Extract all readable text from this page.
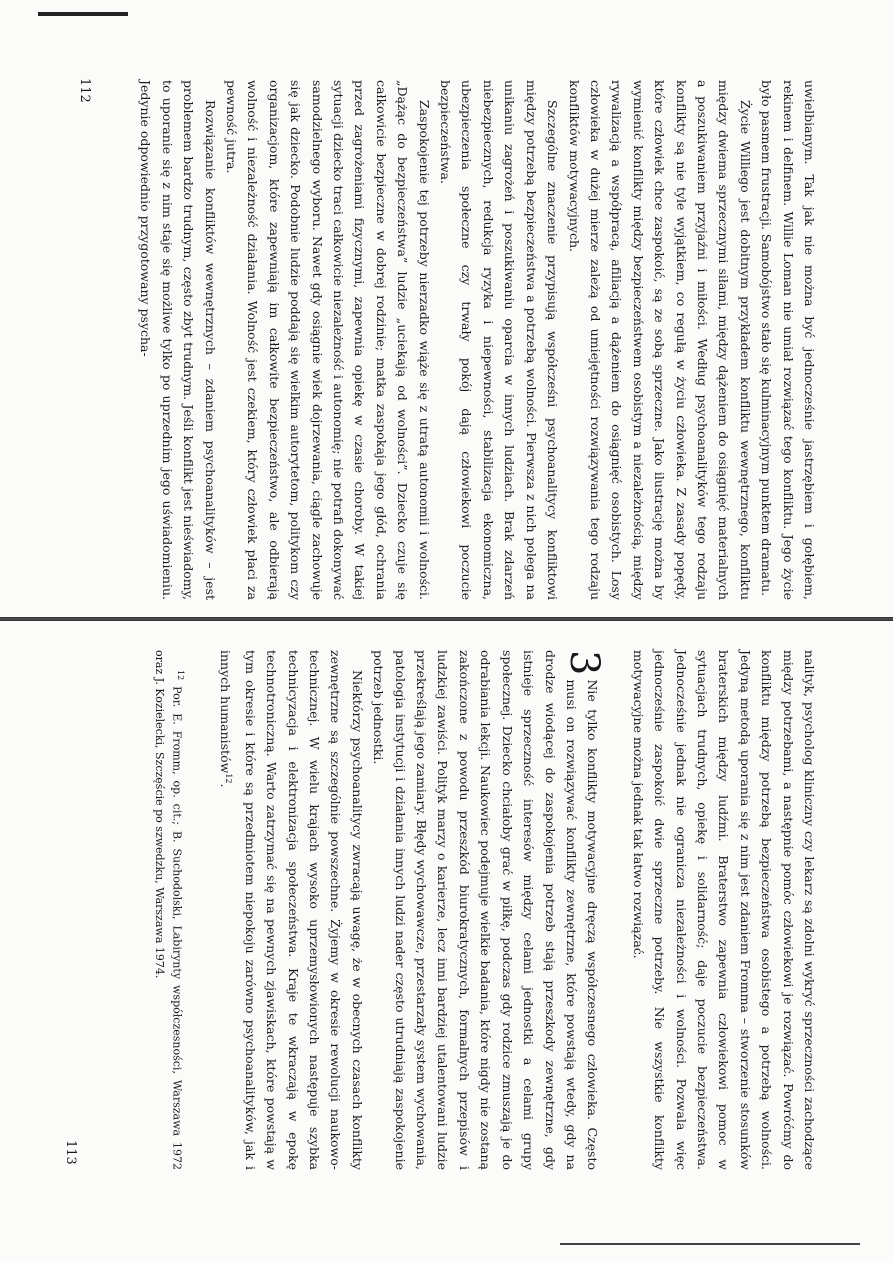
uwielbianym. Tak jak nie można być jednocześnie jastrzębiem i gołębiem, rekinem i delfinem. Willie Loman nie umiał rozwiązać tego konfliktu. Jego życie było pasmem frustracji. Samobójstwo stało się kulminacyjnym punktem dramatu.

Życie Williego jest dobitnym przykładem konfliktu wewnętrznego, konfliktu między dwiema sprzecznymi siłami, między dążeniem do osiągnięć materialnych a poszukiwaniem przyjaźni i miłości. Według psychoanalityków tego rodzaju konflikty są nie tyle wyjątkiem, co regułą w życiu człowieka. Z zasady popędy, które człowiek chce zaspokoić, są ze sobą sprzeczne. Jako ilustrację można by wymienić konflikty między bezpieczeństwem osobistym a niezależnością, między rywalizacją a współpracą, afiliacją a dążeniem do osiągnięć osobistych. Losy człowieka w dużej mierze zależą od umiejętności rozwiązywania tego rodzaju konfliktów motywacyjnych.

Szczególne znaczenie przypisują współcześni psychoanalitycy konfliktowi między potrzebą bezpieczeństwa a potrzebą wolności. Pierwsza z nich polega na unikaniu zagrożeń i poszukiwaniu oparcia w innych ludziach. Brak zdarzeń niebezpiecznych, redukcja ryzyka i niepewności, stabilizacja ekonomiczna, ubezpieczenia społeczne czy trwały pokój dają człowiekowi poczucie bezpieczeństwa.

Zaspokojenie tej potrzeby nierzadko wiąże się z utratą autonomii i wolności. „Dążąc do bezpieczeństwa” ludzie „uciekają od wolności”. Dziecko czuje się całkowicie bezpieczne w dobrej rodzinie; matka zaspokaja jego głód, ochrania przed zagrożeniami fizycznymi, zapewnia opiekę w czasie choroby. W takiej sytuacji dziecko traci całkowicie niezależność i autonomię; nie potrafi dokonywać samodzielnego wyboru. Nawet gdy osiągnie wiek dojrzewania, ciągle zachowuje się jak dziecko. Podobnie ludzie poddają się wielkim autorytetom, politykom czy organizacjom, które zapewniają im całkowite bezpieczeństwo, ale odbierają wolność i niezależność działania. Wolność jest czekiem, który człowiek płaci za pewność jutra.

Rozwiązanie konfliktów wewnętrznych – zdaniem psychoanalityków – jest problemem bardzo trudnym, często zbyt trudnym. Jeśli konflikt jest nieświadomy, to uporanie się z nim staje się możliwe tylko po uprzednim jego uświadomieniu. Jedynie odpowiednio przygotowany psycha-

112

nalityk, psycholog kliniczny czy lekarz są zdolni wykryć sprzeczności zachodzące między potrzebami, a następnie pomóc człowiekowi je rozwiązać. Powróćmy do konfliktu między potrzebą bezpieczeństwa osobistego a potrzebą wolności. Jedyną metodą uporania się z nim jest zdaniem Fromma – stworzenie stosunków braterskich między ludźmi. Braterstwo zapewnia człowiekowi pomoc w sytuacjach trudnych, opiekę i solidarność; daje poczucie bezpieczeństwa. Jednocześnie jednak nie ogranicza niezależności i wolności. Pozwala więc jednocześnie zaspokoić dwie sprzeczne potrzeby. Nie wszystkie konflikty motywacyjne można jednak tak łatwo rozwiązać.

3
Nie tylko konflikty motywacyjne dręczą współczesnego człowieka. Często musi on rozwiązywać konflikty zewnętrzne, które powstają wtedy, gdy na drodze wiodącej do zaspokojenia potrzeb stają przeszkody zewnętrzne, gdy istnieje sprzeczność interesów między celami jednostki a celami grupy społecznej. Dziecko chciałoby grać w piłkę, podczas gdy rodzice zmuszają je do odrabiania lekcji. Naukowiec podejmuje wielkie badania, które nigdy nie zostaną zakończone z powodu przeszkód biurokratycznych, formalnych przepisów i ludzkiej zawiści. Polityk marzy o karierze, lecz inni bardziej utalentowani ludzie przekreślają jego zamiary. Błędy wychowawcze, przestarzały system wychowania, patologia instytucji i działania innych ludzi nader często utrudniają zaspokojenie potrzeb jednostki.

Niektórzy psychoanalitycy zwracają uwagę, że w obecnych czasach konflikty zewnętrzne są szczególnie powszechne. Żyjemy w okresie rewolucji naukowo-technicznej. W wielu krajach wysoko uprzemysłowionych następuje szybka technicyzacja i elektronizacja społeczeństwa. Kraje te wkraczają w epokę technotroniczną. Warto zatrzymać się na pewnych zjawiskach, które powstają w tym okresie i które są przedmiotem niepokoju zarówno psychoanalityków, jak i innych humanistów$^{12}$.

$^{12}$ Por. E. Fromm, op. cit.; B. Suchodolski, Labirynty współczesności, Warszawa 1972 oraz J. Kozielecki, Szczęście po szwedzku, Warszawa 1974.

113
